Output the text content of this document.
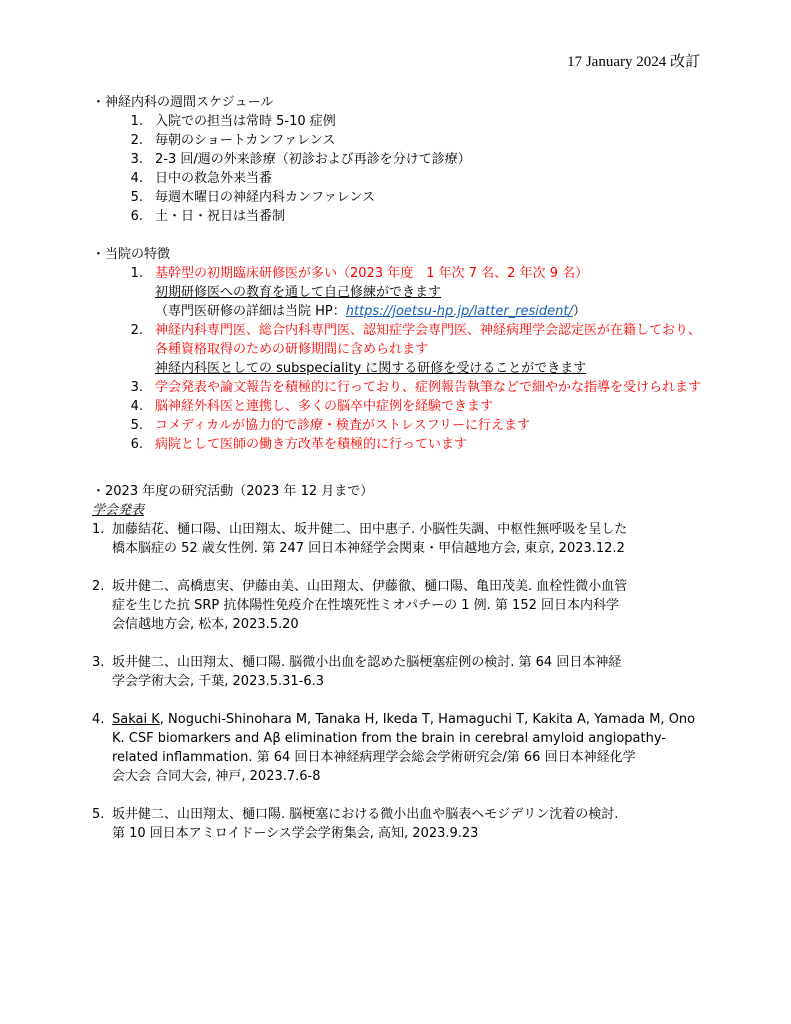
17 January 2024 改訂

・神経内科の週間スケジュール

1. 入院での担当は常時 5-10 症例
2. 毎朝のショートカンファレンス
3. 2-3 回/週の外来診療（初診および再診を分けて診療）
4. 日中の救急外来当番
5. 毎週木曜日の神経内科カンファレンス
6. 土・日・祝日は当番制

・当院の特徴

1. 基幹型の初期臨床研修医が多い（2023 年度　1 年次 7 名、2 年次 9 名）
初期研修医への教育を通して自己修練ができます
（専門医研修の詳細は当院 HP：https://joetsu-hp.jp/latter_resident/）
2. 神経内科専門医、総合内科専門医、認知症学会専門医、神経病理学会認定医が在籍しており、各種資格取得のための研修期間に含められます
神経内科医としての subspeciality に関する研修を受けることができます
3. 学会発表や論文報告を積極的に行っており、症例報告執筆などで細やかな指導を受けられます
4. 脳神経外科医と連携し、多くの脳卒中症例を経験できます
5. コメディカルが協力的で診療・検査がストレスフリーに行えます
6. 病院として医師の働き方改革を積極的に行っています

・2023 年度の研究活動（2023 年 12 月まで）

学会発表

1. 加藤結花、樋口陽、山田翔太、坂井健二、田中惠子. 小脳性失調、中枢性無呼吸を呈した
橋本脳症の 52 歳女性例. 第 247 回日本神経学会関東・甲信越地方会, 東京, 2023.12.2
2. 坂井健二、高橋恵実、伊藤由美、山田翔太、伊藤徹、樋口陽、亀田茂美. 血栓性微小血管
症を生じた抗 SRP 抗体陽性免疫介在性壊死性ミオパチーの 1 例. 第 152 回日本内科学
会信越地方会, 松本, 2023.5.20
3. 坂井健二、山田翔太、樋口陽. 脳微小出血を認めた脳梗塞症例の検討. 第 64 回日本神経
学会学術大会, 千葉, 2023.5.31-6.3
4. Sakai K, Noguchi-Shinohara M, Tanaka H, Ikeda T, Hamaguchi T, Kakita A, Yamada M, Ono
K. CSF biomarkers and Aβ elimination from the brain in cerebral amyloid angiopathy-
related inflammation. 第 64 回日本神経病理学会総会学術研究会/第 66 回日本神経化学
会大会 合同大会, 神戸, 2023.7.6-8
5. 坂井健二、山田翔太、樋口陽. 脳梗塞における微小出血や脳表ヘモジデリン沈着の検討.
第 10 回日本アミロイドーシス学会学術集会, 高知, 2023.9.23
